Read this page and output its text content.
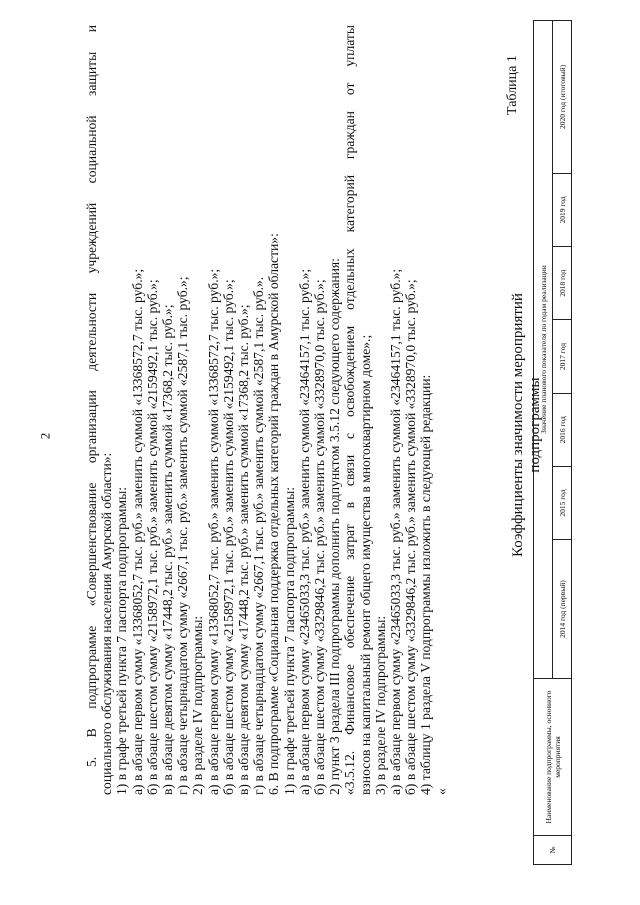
2 5. В подпрограмме «Совершенствование организации деятельности учреждений социальной защиты и социального обслуживания населения Амурской области»: 1) в графе третьей пункта 7 паспорта подпрограммы: а) в абзаце первом сумму «13368052,7 тыс. руб.» заменить суммой «13368572,7 тыс. руб.»; б) в абзаце шестом сумму «2158972,1 тыс. руб.» заменить суммой «2159492,1 тыс. руб.»; в) в абзаце девятом сумму «17448,2 тыс. руб.» заменить суммой «17368,2 тыс. руб.»; г) в абзаце четырнадцатом сумму «2667,1 тыс. руб.» заменить суммой «2587,1 тыс. руб.»; 2) в разделе IV подпрограммы: а) в абзаце первом сумму «13368052,7 тыс. руб.» заменить суммой «13368572,7 тыс. руб.»; б) в абзаце шестом сумму «2158972,1 тыс. руб.» заменить суммой «2159492,1 тыс. руб.»; в) в абзаце девятом сумму «17448,2 тыс. руб.» заменить суммой «17368,2 тыс. руб.»; г) в абзаце четырнадцатом сумму «2667,1 тыс. руб.» заменить суммой «2587,1 тыс. руб.». 6. В подпрограмме «Социальная поддержка отдельных категорий граждан в Амурской области»: 1) в графе третьей пункта 7 паспорта подпрограммы: а) в абзаце первом сумму «23465033,3 тыс. руб.» заменить суммой «23464157,1 тыс. руб.»; б) в абзаце шестом сумму «3329846,2 тыс. руб.» заменить суммой «3328970,0 тыс. руб.»; 2) пункт 3 раздела III подпрограммы дополнить подпунктом 3.5.12 следующего содержания: «3.5.12. Финансовое обеспечение затрат в связи с освобождением отдельных категорий граждан от уплаты взносов на капитальный ремонт общего имущества в многоквартирном доме».; 3) в разделе IV подпрограммы: а) в абзаце первом сумму «23465033,3 тыс. руб.» заменить суммой «23464157,1 тыс. руб.»; б) в абзаце шестом сумму «3329846,2 тыс. руб.» заменить суммой «3328970,0 тыс. руб.»; 4) таблицу 1 раздела V подпрограммы изложить в следующей редакции: «

Таблица 1
Коэффициенты значимости мероприятий подпрограммы
№	Наименование подпрограммы, основного мероприятия	Значение планового показателя по годам реализации						
		2014 год (первый)	2015 год	2016 год	2017 год	2018 год	2019 год	2020 год (итоговый)
